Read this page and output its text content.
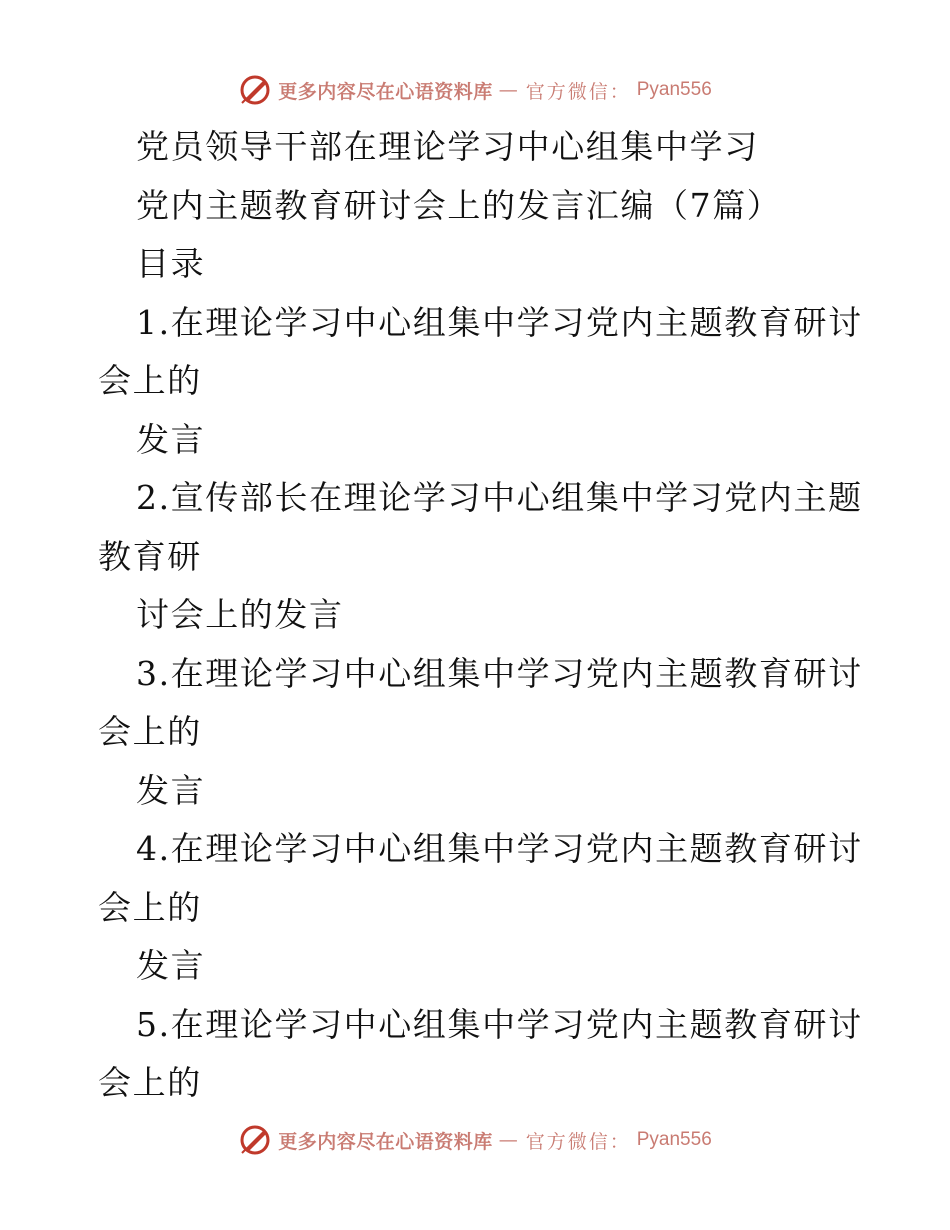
更多内容尽在心语资料库 — 官方微信： Pyan556
党员领导干部在理论学习中心组集中学习
党内主题教育研讨会上的发言汇编（7篇）
目录
1.在理论学习中心组集中学习党内主题教育研讨
会上的
发言
2.宣传部长在理论学习中心组集中学习党内主题
教育研
讨会上的发言
3.在理论学习中心组集中学习党内主题教育研讨
会上的
发言
4.在理论学习中心组集中学习党内主题教育研讨
会上的
发言
5.在理论学习中心组集中学习党内主题教育研讨
会上的
更多内容尽在心语资料库 — 官方微信： Pyan556
